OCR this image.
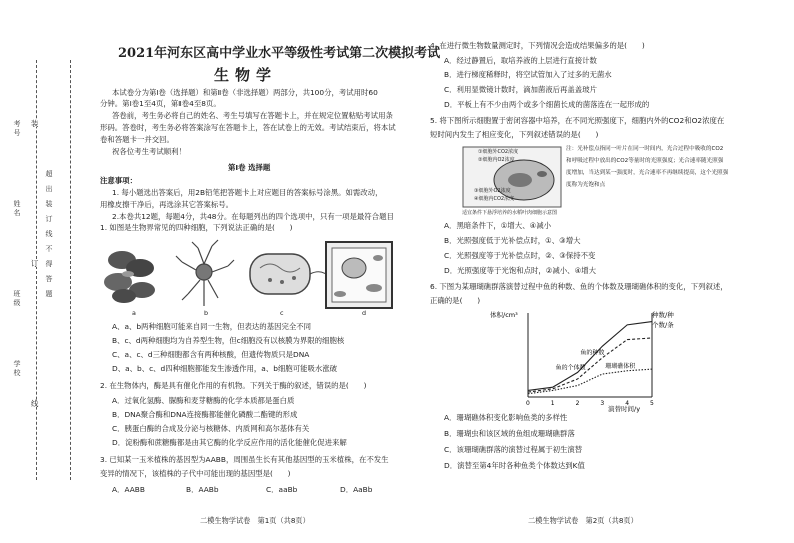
超出装订线不得答题
装
订
线
姓名
班级
学校
考号
2021年河东区高中学业水平等级性考试第二次模拟考试
生物学
本试卷分为第Ⅰ卷（选择题）和第Ⅱ卷（非选择题）两部分，共100分，考试用时60
分钟。第Ⅰ卷1至4页，第Ⅱ卷4至8页。
答卷前，考生务必将自己的姓名、考生号填写在答题卡上，并在规定位置粘贴考试用条
形码。答卷时，考生务必将答案涂写在答题卡上，答在试卷上的无效。考试结束后，将本试
卷和答题卡一并交回。
祝各位考生考试顺利！
第Ⅰ卷 选择题
注意事项：
1. 每小题选出答案后，用2B铅笔把答题卡上对应题目的答案标号涂黑。如需改动，
用橡皮擦干净后，再选涂其它答案标号。
2.本卷共12题，每题4分，共48分。在每题列出的四个选项中，只有一项是最符合题目
1. 如图是生物界常见的四种细胞，下列说法正确的是(　　)
a	b	c	d
A、a、b两种细胞可能来自同一生物，但表达的基因完全不同
B、c、d两种细胞均为自养型生物，但c细胞没有以核膜为界限的细胞核
C、a、c、d三种细胞都含有两种核酸，但遗传物质只是DNA
D、a、b、c、d四种细胞都能发生渗透作用，a、b细胞可能吸水涨破
2. 在生物体内，酶是具有催化作用的有机物。下列关于酶的叙述，错误的是(　　)
A．过氧化氢酶、脲酶和麦芽糖酶的化学本质都是蛋白质
B．DNA聚合酶和DNA连接酶都能催化磷酸二酯键的形成
C．胰蛋白酶的合成及分泌与核糖体、内质网和高尔基体有关
D．淀粉酶和蔗糖酶都是由其它酶的化学反应作用的活化能催化促进来解
3. 已知某一玉米植株的基因型为AABB，周围虽生长有其他基因型的玉米植株，在不发生
变异的情况下，该植株的子代中可能出现的基因型是(　　)
A．AABB	B．AABb	C．aaBb	D．AaBb
二模生物学试卷　第1页（共8页）
4. 在进行微生物数量测定时，下列情况会造成结果偏多的是(　　)
A．经过静置后，取培养液的上层进行直接计数
B．进行梯度稀释时，将空试管加入了过多的无菌水
C．利用显微镜计数时，滴加菌液后再盖盖玻片
D．平板上有不少由两个或多个细菌长成的菌落连在一起形成的
5. 将下图所示细胞置于密闭容器中培养，在不同光照强度下，细胞内外的CO2和O2浓度在
短时间内发生了相应变化，下列叙述错误的是(　　)
①细胞外CO2浓度
②细胞内O2浓度
③细胞外O2浓度
④细胞内CO2浓度
适宜条件下悬浮培养的水稻叶肉细胞示意图
注：光补偿点指同一叶片在同一时间内，光合过程中吸收的CO2
和呼吸过程中放出的CO2等量时的光照强度；光合速率随光照强
度增加，当达到某一强度时，光合速率不再继续提高，这个光照强
度称为光饱和点
A．黑暗条件下，①增大、④减小
B．光照强度低于光补偿点时，①、③增大
C．光照强度等于光补偿点时，②、③保持不变
D．光照强度等于光饱和点时，②减小、④增大
6. 下图为某珊瑚礁群落演替过程中鱼的种数、鱼的个体数及珊瑚礁体积的变化，下列叙述，
正确的是(　　)
体积/cm³	种数/种
个数/条
鱼的个体数
鱼的种数
珊瑚礁体积
0	1	2	3	4	5
演替时间/y
A．珊瑚礁体积变化影响鱼类的多样性
B．珊瑚虫和该区域的鱼组成珊瑚礁群落
C．该珊瑚礁群落的演替过程属于初生演替
D．演替至第4年时各种鱼类个体数达到K值
二模生物学试卷　第2页（共8页）
